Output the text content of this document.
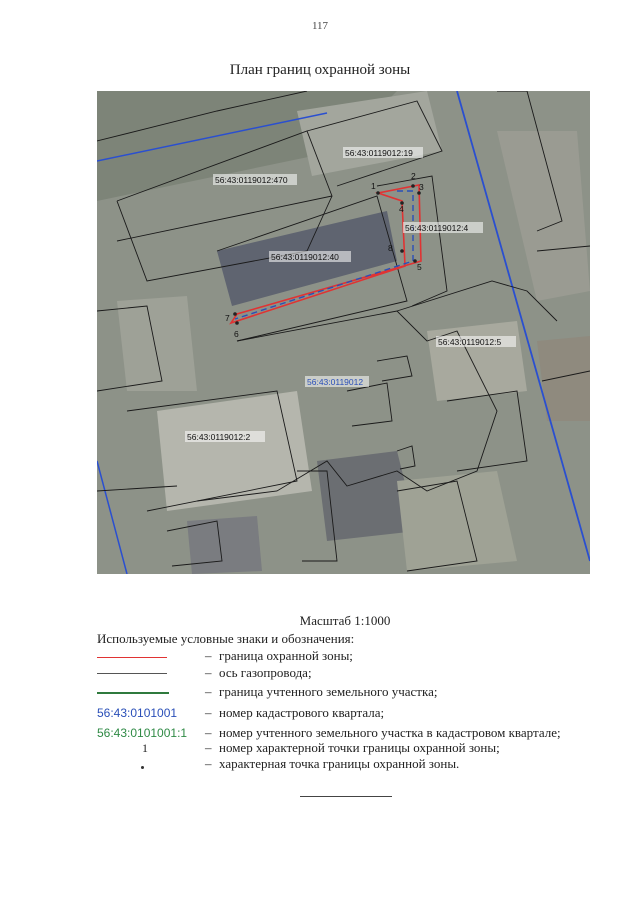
117
План границ охранной зоны
1
2
3
4
5
6
7
8
56:43:0119012:19
56:43:0119012:470
56:43:0119012:4
56:43:0119012:40
56:43:0119012:5
56:43:0119012
56:43:0119012:2
Масштаб 1:1000
Используемые условные знаки и обозначения:
– граница охранной зоны;
– ось газопровода;
– граница учтенного земельного участка;
56:43:0101001	– номер кадастрового квартала;
56:43:0101001:1	– номер учтенного земельного участка в кадастровом квартале;
1	– номер характерной точки границы охранной зоны;
– характерная точка границы охранной зоны.
